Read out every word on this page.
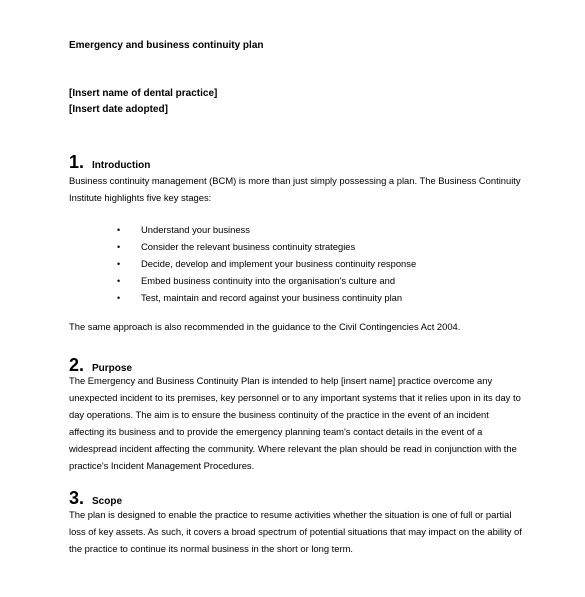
Emergency and business continuity plan
[Insert name of dental practice]
[Insert date adopted]
1. Introduction
Business continuity management (BCM) is more than just simply possessing a plan. The Business Continuity
Institute highlights five key stages:
• Understand your business
• Consider the relevant business continuity strategies
• Decide, develop and implement your business continuity response
• Embed business continuity into the organisation's culture and
• Test, maintain and record against your business continuity plan
The same approach is also recommended in the guidance to the Civil Contingencies Act 2004.
2. Purpose
The Emergency and Business Continuity Plan is intended to help [insert name] practice overcome any
unexpected incident to its premises, key personnel or to any important systems that it relies upon in its day to
day operations. The aim is to ensure the business continuity of the practice in the event of an incident
affecting its business and to provide the emergency planning team's contact details in the event of a
widespread incident affecting the community. Where relevant the plan should be read in conjunction with the
practice's Incident Management Procedures.
3. Scope
The plan is designed to enable the practice to resume activities whether the situation is one of full or partial
loss of key assets. As such, it covers a broad spectrum of potential situations that may impact on the ability of
the practice to continue its normal business in the short or long term.
